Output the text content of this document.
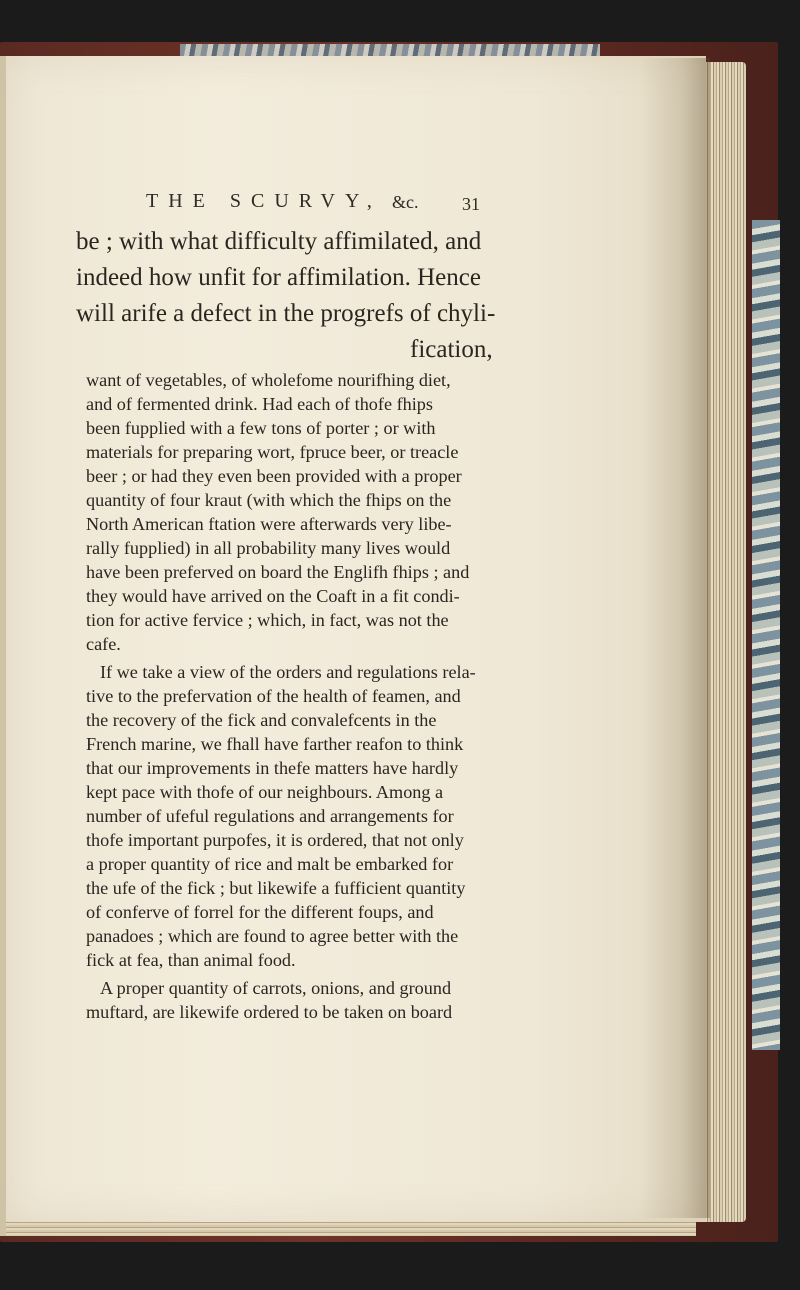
THE SCURVY, &c. 31
be ; with what difficulty affimilated, and
indeed how unfit for affimilation. Hence
will arife a defect in the progrefs of chyli-
fication,
want of vegetables, of wholefome nourifhing diet,
and of fermented drink. Had each of thofe fhips
been fupplied with a few tons of porter ; or with
materials for preparing wort, fpruce beer, or treacle
beer ; or had they even been provided with a proper
quantity of four kraut (with which the fhips on the
North American ftation were afterwards very libe-
rally fupplied) in all probability many lives would
have been preferved on board the Englifh fhips ; and
they would have arrived on the Coaft in a fit condi-
tion for active fervice ; which, in fact, was not the
cafe.
If we take a view of the orders and regulations rela-
tive to the prefervation of the health of feamen, and
the recovery of the fick and convalefcents in the
French marine, we fhall have farther reafon to think
that our improvements in thefe matters have hardly
kept pace with thofe of our neighbours. Among a
number of ufeful regulations and arrangements for
thofe important purpofes, it is ordered, that not only
a proper quantity of rice and malt be embarked for
the ufe of the fick ; but likewife a fufficient quantity
of conferve of forrel for the different foups, and
panadoes ; which are found to agree better with the
fick at fea, than animal food.
A proper quantity of carrots, onions, and ground
muftard, are likewife ordered to be taken on board
